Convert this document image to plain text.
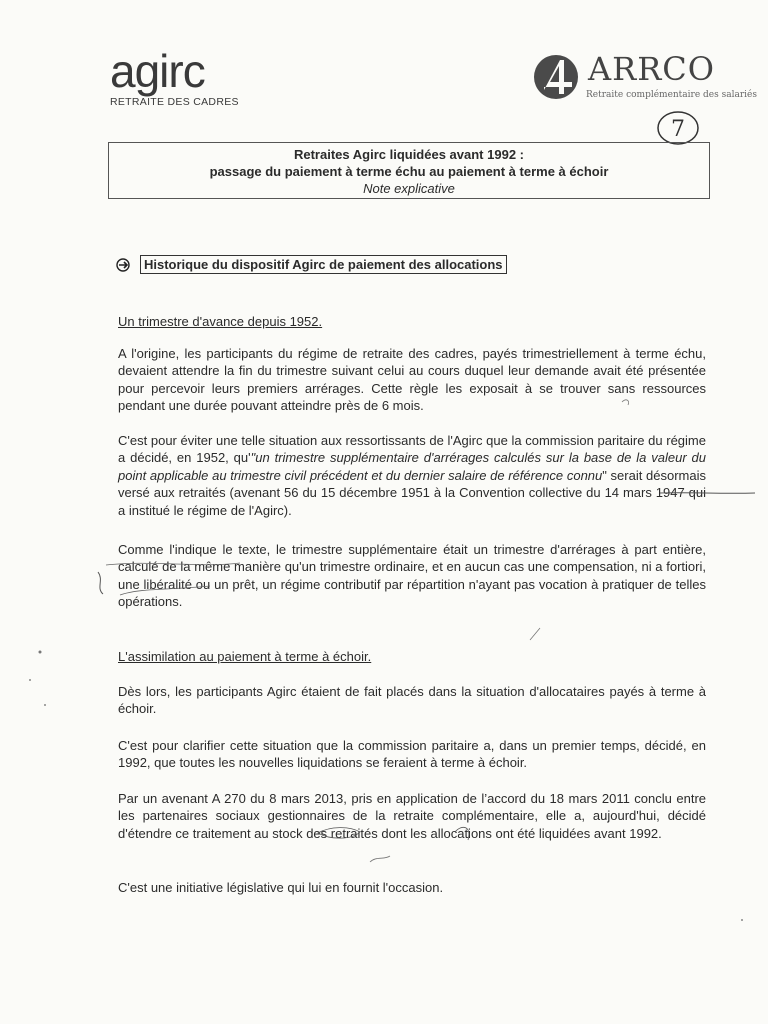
agirc
RETRAITE DES CADRES
ARRCO
Retraite complémentaire des salariés
7
Retraites Agirc liquidées avant 1992 :
passage du paiement à terme échu au paiement à terme à échoir
Note explicative
Historique du dispositif Agirc de paiement des allocations
Un trimestre d'avance depuis 1952.

A l'origine, les participants du régime de retraite des cadres, payés trimestriellement à terme échu, devaient attendre la fin du trimestre suivant celui au cours duquel leur demande avait été présentée pour percevoir leurs premiers arrérages. Cette règle les exposait à se trouver sans ressources pendant une durée pouvant atteindre près de 6 mois.

C'est pour éviter une telle situation aux ressortissants de l'Agirc que la commission paritaire du régime a décidé, en 1952, qu'"un trimestre supplémentaire d'arrérages calculés sur la base de la valeur du point applicable au trimestre civil précédent et du dernier salaire de référence connu" serait désormais versé aux retraités (avenant 56 du 15 décembre 1951 à la Convention collective du 14 mars 1947 qui a institué le régime de l'Agirc).

Comme l'indique le texte, le trimestre supplémentaire était un trimestre d'arrérages à part entière, calculé de la même manière qu'un trimestre ordinaire, et en aucun cas une compensation, ni a fortiori, une libéralité ou un prêt, un régime contributif par répartition n'ayant pas vocation à pratiquer de telles opérations.

L'assimilation au paiement à terme à échoir.

Dès lors, les participants Agirc étaient de fait placés dans la situation d'allocataires payés à terme à échoir.

C'est pour clarifier cette situation que la commission paritaire a, dans un premier temps, décidé, en 1992, que toutes les nouvelles liquidations se feraient à terme à échoir.

Par un avenant A 270 du 8 mars 2013, pris en application de l’accord du 18 mars 2011 conclu entre les partenaires sociaux gestionnaires de la retraite complémentaire, elle a, aujourd'hui, décidé d'étendre ce traitement au stock des retraités dont les allocations ont été liquidées avant 1992.

C'est une initiative législative qui lui en fournit l'occasion.
